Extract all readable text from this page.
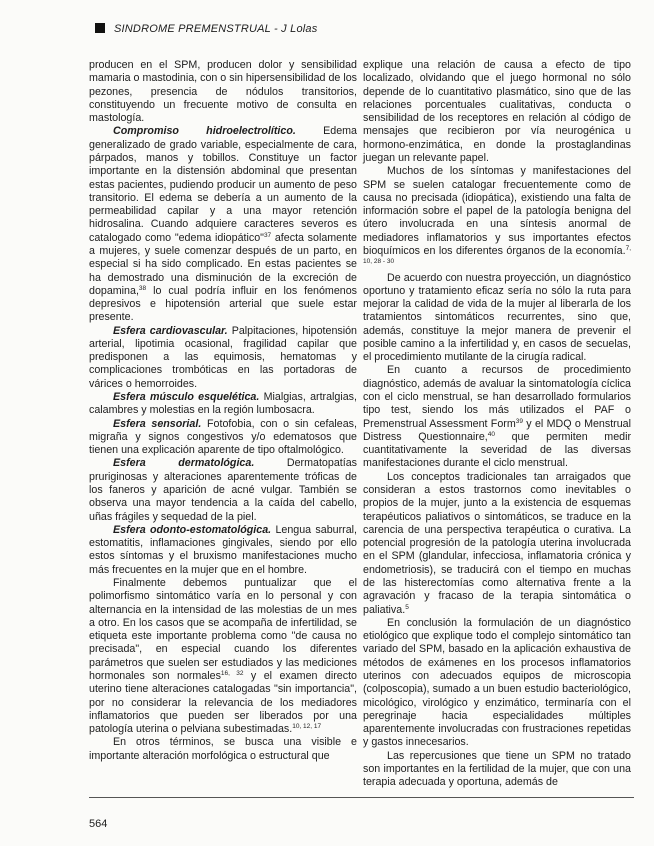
SINDROME PREMENSTRUAL - J Lolas

producen en el SPM, producen dolor y sensibilidad mamaria o mastodinia, con o sin hipersensibilidad de los pezones, presencia de nódulos transitorios, constituyendo un frecuente motivo de consulta en mastología.

Compromiso hidroelectrolítico. Edema generalizado de grado variable, especialmente de cara, párpados, manos y tobillos. Constituye un factor importante en la distensión abdominal que presentan estas pacientes, pudiendo producir un aumento de peso transitorio. El edema se debería a un aumento de la permeabilidad capilar y a una mayor retención hidrosalina. Cuando adquiere caracteres severos es catalogado como "edema idiopático"$^{37}$ afecta solamente a mujeres, y suele comenzar después de un parto, en especial si ha sido complicado. En estas pacientes se ha demostrado una disminución de la excreción de dopamina,$^{38}$ lo cual podría influir en los fenómenos depresivos e hipotensión arterial que suele estar presente.

Esfera cardiovascular. Palpitaciones, hipotensión arterial, lipotimia ocasional, fragilidad capilar que predisponen a las equimosis, hematomas y complicaciones trombóticas en las portadoras de várices o hemorroides.

Esfera músculo esquelética. Mialgias, artralgias, calambres y molestias en la región lumbosacra.

Esfera sensorial. Fotofobia, con o sin cefaleas, migraña y signos congestivos y/o edematosos que tienen una explicación aparente de tipo oftalmológico.

Esfera dermatológica. Dermatopatías pruriginosas y alteraciones aparentemente tróficas de los faneros y aparición de acné vulgar. También se observa una mayor tendencia a la caída del cabello, uñas frágiles y sequedad de la piel.

Esfera odonto-estomatológica. Lengua saburral, estomatitis, inflamaciones gingivales, siendo por ello estos síntomas y el bruxismo manifestaciones mucho más frecuentes en la mujer que en el hombre.

Finalmente debemos puntualizar que el polimorfismo sintomático varía en lo personal y con alternancia en la intensidad de las molestias de un mes a otro. En los casos que se acompaña de infertilidad, se etiqueta este importante problema como "de causa no precisada", en especial cuando los diferentes parámetros que suelen ser estudiados y las mediciones hormonales son normales$^{16, 32}$ y el examen directo uterino tiene alteraciones catalogadas "sin importancia", por no considerar la relevancia de los mediadores inflamatorios que pueden ser liberados por una patología uterina o pelviana subestimadas.$^{10, 12, 17}$

En otros términos, se busca una visible e importante alteración morfológica o estructural que

explique una relación de causa a efecto de tipo localizado, olvidando que el juego hormonal no sólo depende de lo cuantitativo plasmático, sino que de las relaciones porcentuales cualitativas, conducta o sensibilidad de los receptores en relación al código de mensajes que recibieron por vía neurogénica u hormono-enzimática, en donde la prostaglandinas juegan un relevante papel.

Muchos de los síntomas y manifestaciones del SPM se suelen catalogar frecuentemente como de causa no precisada (idiopática), existiendo una falta de información sobre el papel de la patología benigna del útero involucrada en una síntesis anormal de mediadores inflamatorios y sus importantes efectos bioquímicos en los diferentes órganos de la economía.$^{7, 10, 28 - 30}$

De acuerdo con nuestra proyección, un diagnóstico oportuno y tratamiento eficaz sería no sólo la ruta para mejorar la calidad de vida de la mujer al liberarla de los tratamientos sintomáticos recurrentes, sino que, además, constituye la mejor manera de prevenir el posible camino a la infertilidad y, en casos de secuelas, el procedimiento mutilante de la cirugía radical.

En cuanto a recursos de procedimiento diagnóstico, además de avaluar la sintomatología cíclica con el ciclo menstrual, se han desarrollado formularios tipo test, siendo los más utilizados el PAF o Premenstrual Assessment Form$^{39}$ y el MDQ o Menstrual Distress Questionnaire,$^{40}$ que permiten medir cuantitativamente la severidad de las diversas manifestaciones durante el ciclo menstrual.

Los conceptos tradicionales tan arraigados que consideran a estos trastornos como inevitables o propios de la mujer, junto a la existencia de esquemas terapéuticos paliativos o sintomáticos, se traduce en la carencia de una perspectiva terapéutica o curativa. La potencial progresión de la patología uterina involucrada en el SPM (glandular, infecciosa, inflamatoria crónica y endometriosis), se traducirá con el tiempo en muchas de las histerectomías como alternativa frente a la agravación y fracaso de la terapia sintomática o paliativa.$^5$

En conclusión la formulación de un diagnóstico etiológico que explique todo el complejo sintomático tan variado del SPM, basado en la aplicación exhaustiva de métodos de exámenes en los procesos inflamatorios uterinos con adecuados equipos de microscopia (colposcopia), sumado a un buen estudio bacteriológico, micológico, virológico y enzimático, terminaría con el peregrinaje hacia especialidades múltiples aparentemente involucradas con frustraciones repetidas y gastos innecesarios.

Las repercusiones que tiene un SPM no tratado son importantes en la fertilidad de la mujer, que con una terapia adecuada y oportuna, además de

564
